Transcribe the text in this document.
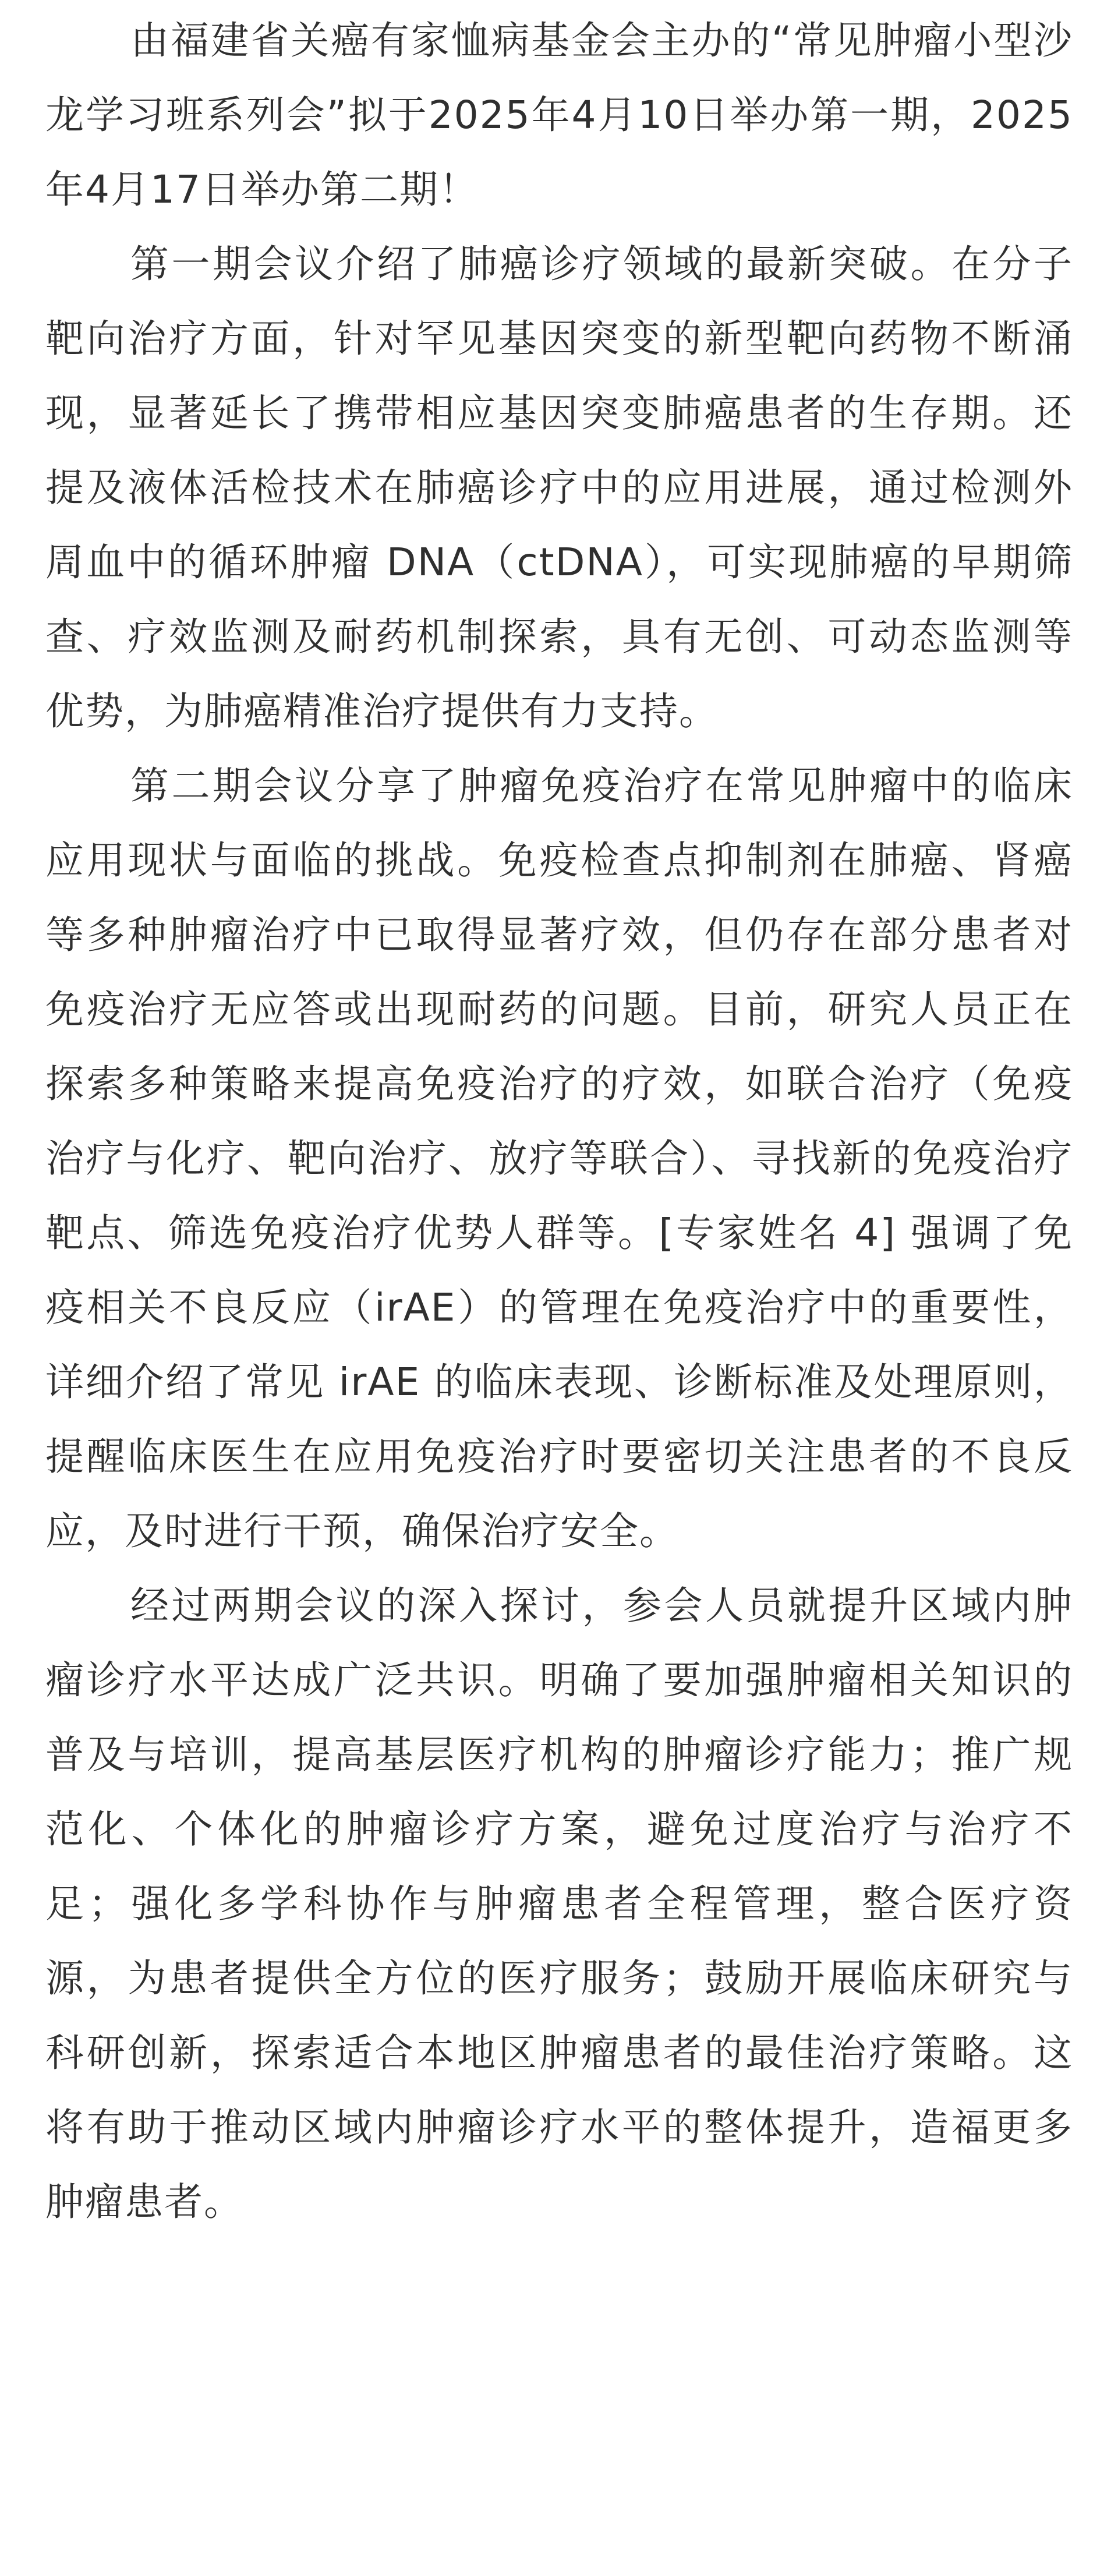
由福建省关癌有家恤病基金会主办的“常见肿瘤小型沙龙学习班系列会”拟于2025年4月10日举办第一期，2025年4月17日举办第二期！

第一期会议介绍了肺癌诊疗领域的最新突破。在分子靶向治疗方面，针对罕见基因突变的新型靶向药物不断涌现，显著延长了携带相应基因突变肺癌患者的生存期。还提及液体活检技术在肺癌诊疗中的应用进展，通过检测外周血中的循环肿瘤 DNA（ctDNA），可实现肺癌的早期筛查、疗效监测及耐药机制探索，具有无创、可动态监测等优势，为肺癌精准治疗提供有力支持。

第二期会议分享了肿瘤免疫治疗在常见肿瘤中的临床应用现状与面临的挑战。免疫检查点抑制剂在肺癌、肾癌等多种肿瘤治疗中已取得显著疗效，但仍存在部分患者对免疫治疗无应答或出现耐药的问题。目前，研究人员正在探索多种策略来提高免疫治疗的疗效，如联合治疗（免疫治疗与化疗、靶向治疗、放疗等联合）、寻找新的免疫治疗靶点、筛选免疫治疗优势人群等。[专家姓名 4] 强调了免疫相关不良反应（irAE）的管理在免疫治疗中的重要性，详细介绍了常见 irAE 的临床表现、诊断标准及处理原则，提醒临床医生在应用免疫治疗时要密切关注患者的不良反应，及时进行干预，确保治疗安全。

经过两期会议的深入探讨，参会人员就提升区域内肿瘤诊疗水平达成广泛共识。明确了要加强肿瘤相关知识的普及与培训，提高基层医疗机构的肿瘤诊疗能力；推广规范化、个体化的肿瘤诊疗方案，避免过度治疗与治疗不足；强化多学科协作与肿瘤患者全程管理，整合医疗资源，为患者提供全方位的医疗服务；鼓励开展临床研究与科研创新，探索适合本地区肿瘤患者的最佳治疗策略。这将有助于推动区域内肿瘤诊疗水平的整体提升，造福更多肿瘤患者。
